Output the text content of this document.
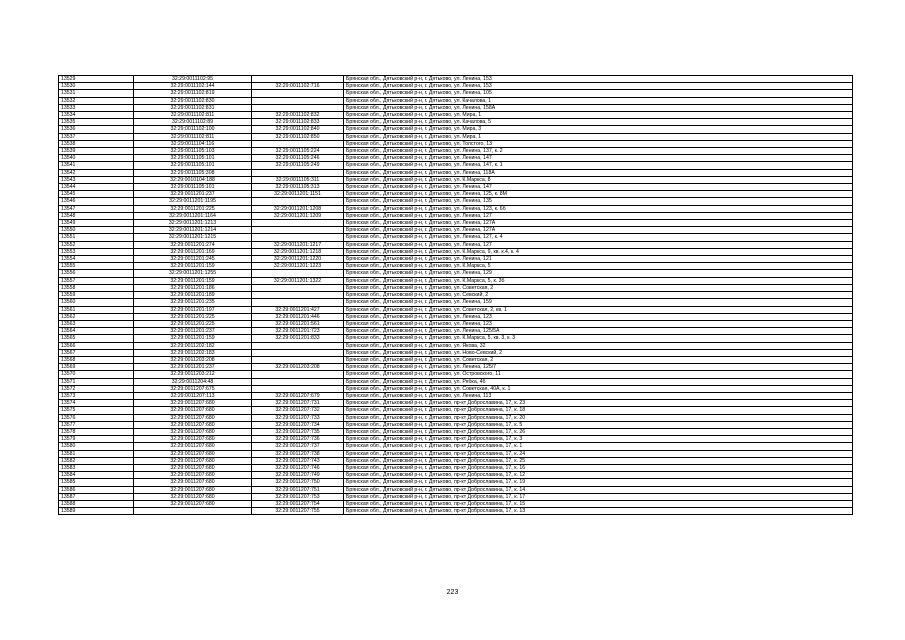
13529	32:29:0011102:95			Брянская обл., Дятьковский р-н, г. Дятьково, ул. Ленина, 153
13530	32:29:0011102:144	32:29:0011102:716		Брянская обл., Дятьковский р-н, г. Дятьково, ул. Ленина, 153
13531	32:29:0011102:819			Брянская обл., Дятьковский р-н, г. Дятьково, ул. Ленина, 105
13532	32:29:0011102:830			Брянская обл., Дятьковский р-н, г. Дятьково, ул. Качалова, 1
13533	32:29:0011102:831			Брянская обл., Дятьковский р-н, г. Дятьково, ул. Ленина, 158А
13534	32:29:0011102:811	32:29:0011102:832		Брянская обл., Дятьковский р-н, г. Дятьково, ул. Мира, 1
13535	32:29:0011102:89	32:29:0011102:833		Брянская обл., Дятьковский р-н, г. Дятьково, ул. Качалова, 5
13536	32:29:0011102:100	32:29:0011102:840		Брянская обл., Дятьковский р-н, г. Дятьково, ул. Мира, 3
13537	32:29:0011102:811	32:29:0011102:850		Брянская обл., Дятьковский р-н, г. Дятьково, ул. Мира, 1
13538	32:29:0011104:116			Брянская обл., Дятьковский р-н, г. Дятьково, ул. Толстого, 13
13539	32:29:0011105:103	32:29:0011105:224		Брянская обл., Дятьковский р-н, г. Дятьково, ул. Ленина, 137, к. 2
13540	32:29:0011105:101	32:29:0011105:246		Брянская обл., Дятьковский р-н, г. Дятьково, ул. Ленина, 147
13541	32:29:0011105:101	32:29:0011105:249		Брянская обл., Дятьковский р-н, г. Дятьково, ул. Ленина, 147, к. 1
13542	32:29:0011105:308			Брянская обл., Дятьковский р-н, г. Дятьково, ул. Ленина, 118А
13543	32:29:0010104:188	32:29:0011105:311		Брянская обл., Дятьковский р-н, г. Дятьково, ул. К.Маркса, 8
13544	32:29:0011105:101	32:29:0011105:313		Брянская обл., Дятьковский р-н, г. Дятьково, ул. Ленина, 147
13545	32:29:0011201:237	32:29:0011201:1151		Брянская обл., Дятьковский р-н, г. Дятьково, ул. Ленина, 125, к. 8М
13546	32:29:0011201:1195			Брянская обл., Дятьковский р-н, г. Дятьково, ул. Ленина, 135
13547	32:29:0011201:225	32:29:0011201:1208		Брянская обл., Дятьковский р-н, г. Дятьково, ул. Ленина, 123, к. 6б
13548	32:29:0011201:1164	32:29:0011201:1209		Брянская обл., Дятьковский р-н, г. Дятьково, ул. Ленина, 127
13549	32:29:0011201:1213			Брянская обл., Дятьковский р-н, г. Дятьково, ул. Ленина, 127А
13550	32:29:0011201:1214			Брянская обл., Дятьковский р-н, г. Дятьково, ул. Ленина, 127А
13551	32:29:0011201:1215			Брянская обл., Дятьковский р-н, г. Дятьково, ул. Ленина, 127, к. 4
13552	32:29:0011201:274	32:29:0011201:1217		Брянская обл., Дятьковский р-н, г. Дятьково, ул. Ленина, 127
13553	32:29:0011201:169	32:29:0011201:1218		Брянская обл., Дятьковский р-н, г. Дятьково, ул. К.Маркса, 9, кв. к.4, к. 4
13554	32:29:0011201:245	32:29:0011201:1220		Брянская обл., Дятьковский р-н, г. Дятьково, ул. Ленина, 121
13555	32:29:0011201:159	32:29:0011201:1223		Брянская обл., Дятьковский р-н, г. Дятьково, ул. К.Маркса, 5
13556	32:29:0011201:1255			Брянская обл., Дятьковский р-н, г. Дятьково, ул. Ленина, 129
13557	32:29:0011201:159	32:29:0011201:1322		Брянская обл., Дятьковский р-н, г. Дятьково, ул. К.Маркса, 5, к. 3б
13558	32:29:0011201:186			Брянская обл., Дятьковский р-н, г. Дятьково, ул. Советская, 2
13559	32:29:0011201:189			Брянская обл., Дятьковский р-н, г. Дятьково, ул. Севский, 2
13560	32:29:0011201:235			Брянская обл., Дятьковский р-н, г. Дятьково, ул. Ленина, 159
13561	32:29:0011201:197	32:29:0011201:427		Брянская обл., Дятьковский р-н, г. Дятьково, ул. Советская, 2, кв. 1
13562	32:29:0011201:225	32:29:0011201:446		Брянская обл., Дятьковский р-н, г. Дятьково, ул. Ленина, 123
13563	32:29:0011201:225	32:29:0011201:561		Брянская обл., Дятьковский р-н, г. Дятьково, ул. Ленина, 123
13564	32:29:0011201:237	32:29:0011201:723		Брянская обл., Дятьковский р-н, г. Дятьково, ул. Ленина, 125/5А
13565	32:29:0011201:159	32:29:0011201:833		Брянская обл., Дятьковский р-н, г. Дятьково, ул. К.Маркса, 5, кв. 3, к. 3
13566	32:29:0011202:182			Брянская обл., Дятьковский р-н, г. Дятьково, ул. Якова, 32
13567	32:29:0011202:183			Брянская обл., Дятьковский р-н, г. Дятьково, ул. Ново-Севский, 2
13568	32:29:0011203:208			Брянская обл., Дятьковский р-н, г. Дятьково, ул. Советская, 2
13569	32:29:0011201:237	32:29:0011203:208		Брянская обл., Дятьковский р-н, г. Дятьково, ул. Ленина, 125/7
13570	32:29:0011203:212			Брянская обл., Дятьковский р-н, г. Дятьково, ул. Островского, 11
13571	32:29:0011204:48			Брянская обл., Дятьковский р-н, г. Дятьково, ул. Рябка, 4б
13572	32:29:0011207:675			Брянская обл., Дятьковский р-н, г. Дятьково, ул. Советская, 40А, к. 1
13573	32:29:0011207:113	32:29:0011207:679		Брянская обл., Дятьковский р-н, г. Дятьково, ул. Ленина, 113
13574	32:29:0011207:680	32:29:0011207:731		Брянская обл., Дятьковский р-н, г. Дятьково, пр-кт Доброславина, 17, к. 23
13575	32:29:0011207:680	32:29:0011207:732		Брянская обл., Дятьковский р-н, г. Дятьково, пр-кт Доброславина, 17, к. 18
13576	32:29:0011207:680	32:29:0011207:733		Брянская обл., Дятьковский р-н, г. Дятьково, пр-кт Доброславина, 17, к. 20
13577	32:29:0011207:680	32:29:0011207:734		Брянская обл., Дятьковский р-н, г. Дятьково, пр-кт Доброславина, 17, к. 5
13578	32:29:0011207:680	32:29:0011207:735		Брянская обл., Дятьковский р-н, г. Дятьково, пр-кт Доброславина, 17, к. 26
13579	32:29:0011207:680	32:29:0011207:736		Брянская обл., Дятьковский р-н, г. Дятьково, пр-кт Доброславина, 17, к. 3
13580	32:29:0011207:680	32:29:0011207:737		Брянская обл., Дятьковский р-н, г. Дятьково, пр-кт Доброславина, 17, к. 1
13581	32:29:0011207:680	32:29:0011207:738		Брянская обл., Дятьковский р-н, г. Дятьково, пр-кт Доброславина, 17, к. 24
13582	32:29:0011207:680	32:29:0011207:743		Брянская обл., Дятьковский р-н, г. Дятьково, пр-кт Доброславина, 17, к. 25
13583	32:29:0011207:680	32:29:0011207:746		Брянская обл., Дятьковский р-н, г. Дятьково, пр-кт Доброславина, 17, к. 16
13584	32:29:0011207:680	32:29:0011207:749		Брянская обл., Дятьковский р-н, г. Дятьково, пр-кт Доброславина, 17, к. 12
13585	32:29:0011207:680	32:29:0011207:750		Брянская обл., Дятьковский р-н, г. Дятьково, пр-кт Доброславина, 17, к. 19
13586	32:29:0011207:680	32:29:0011207:751		Брянская обл., Дятьковский р-н, г. Дятьково, пр-кт Доброславина, 17, к. 14
13587	32:29:0011207:680	32:29:0011207:753		Брянская обл., Дятьковский р-н, г. Дятьково, пр-кт Доброславина, 17, к. 17
13588	32:29:0011207:680	32:29:0011207:754		Брянская обл., Дятьковский р-н, г. Дятьково, пр-кт Доброславина, 17, к. 15
13589		32:29:0011207:755		Брянская обл., Дятьковский р-н, г. Дятьково, пр-кт Доброславина, 17, к. 13
223
